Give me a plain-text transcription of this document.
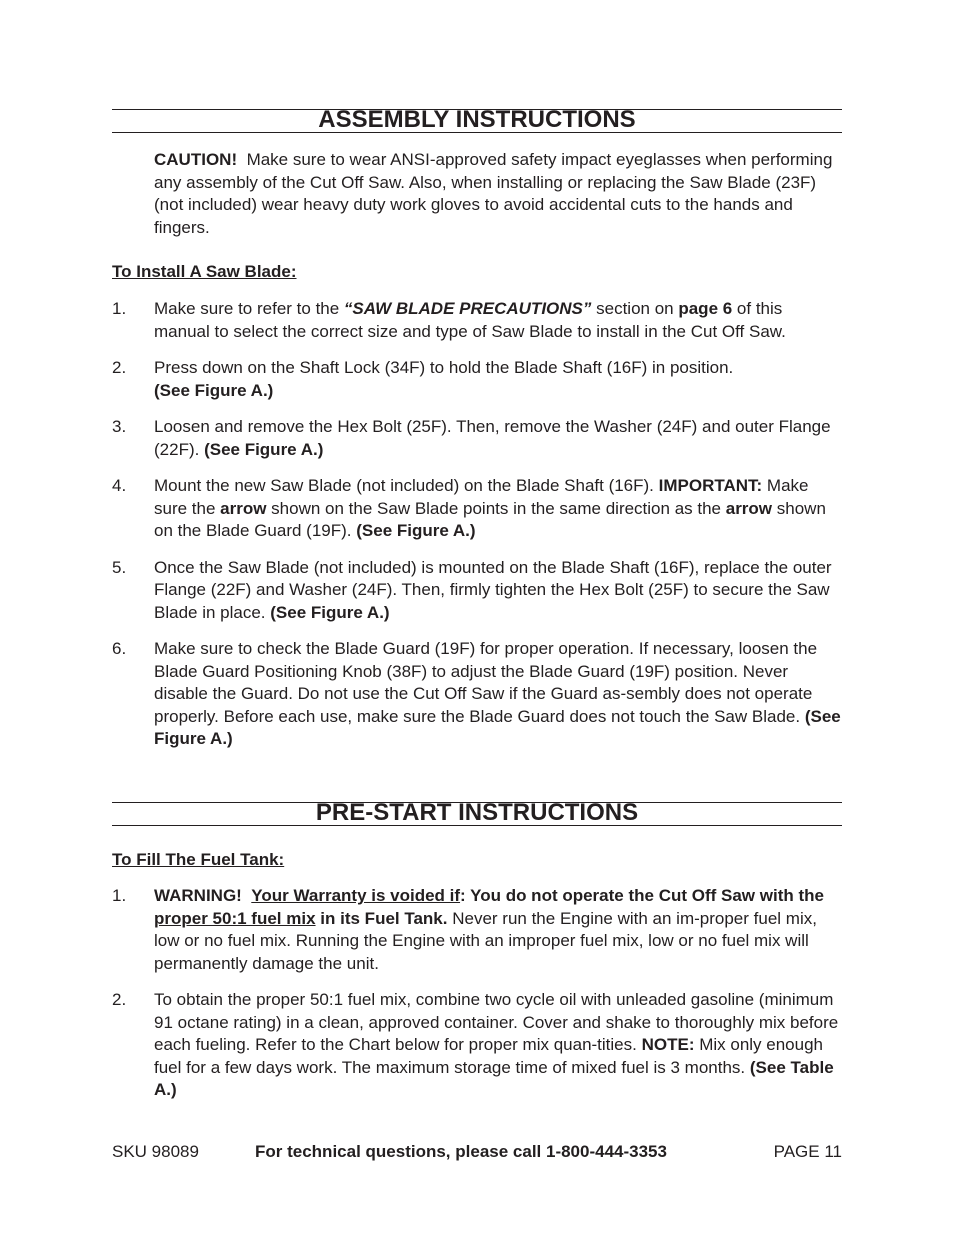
ASSEMBLY INSTRUCTIONS

CAUTION! Make sure to wear ANSI-approved safety impact eyeglasses when performing any assembly of the Cut Off Saw. Also, when installing or replacing the Saw Blade (23F) (not included) wear heavy duty work gloves to avoid accidental cuts to the hands and fingers.

To Install A Saw Blade:

1. Make sure to refer to the “SAW BLADE PRECAUTIONS” section on page 6 of this manual to select the correct size and type of Saw Blade to install in the Cut Off Saw.
2. Press down on the Shaft Lock (34F) to hold the Blade Shaft (16F) in position.
(See Figure A.)
3. Loosen and remove the Hex Bolt (25F). Then, remove the Washer (24F) and outer Flange (22F). (See Figure A.)
4. Mount the new Saw Blade (not included) on the Blade Shaft (16F). IMPORTANT: Make sure the arrow shown on the Saw Blade points in the same direction as the arrow shown on the Blade Guard (19F). (See Figure A.)
5. Once the Saw Blade (not included) is mounted on the Blade Shaft (16F), replace the outer Flange (22F) and Washer (24F). Then, firmly tighten the Hex Bolt (25F) to secure the Saw Blade in place. (See Figure A.)
6. Make sure to check the Blade Guard (19F) for proper operation. If necessary, loosen the Blade Guard Positioning Knob (38F) to adjust the Blade Guard (19F) position. Never disable the Guard. Do not use the Cut Off Saw if the Guard as-sembly does not operate properly. Before each use, make sure the Blade Guard does not touch the Saw Blade. (See Figure A.)
PRE-START INSTRUCTIONS

To Fill The Fuel Tank:

1. WARNING! Your Warranty is voided if: You do not operate the Cut Off Saw with the proper 50:1 fuel mix in its Fuel Tank. Never run the Engine with an im-proper fuel mix, low or no fuel mix. Running the Engine with an improper fuel mix, low or no fuel mix will permanently damage the unit.
2. To obtain the proper 50:1 fuel mix, combine two cycle oil with unleaded gasoline (minimum 91 octane rating) in a clean, approved container. Cover and shake to thoroughly mix before each fueling. Refer to the Chart below for proper mix quan-tities. NOTE: Mix only enough fuel for a few days work. The maximum storage time of mixed fuel is 3 months. (See Table A.)
SKU 98089	For technical questions, please call 1-800-444-3353	PAGE 11
